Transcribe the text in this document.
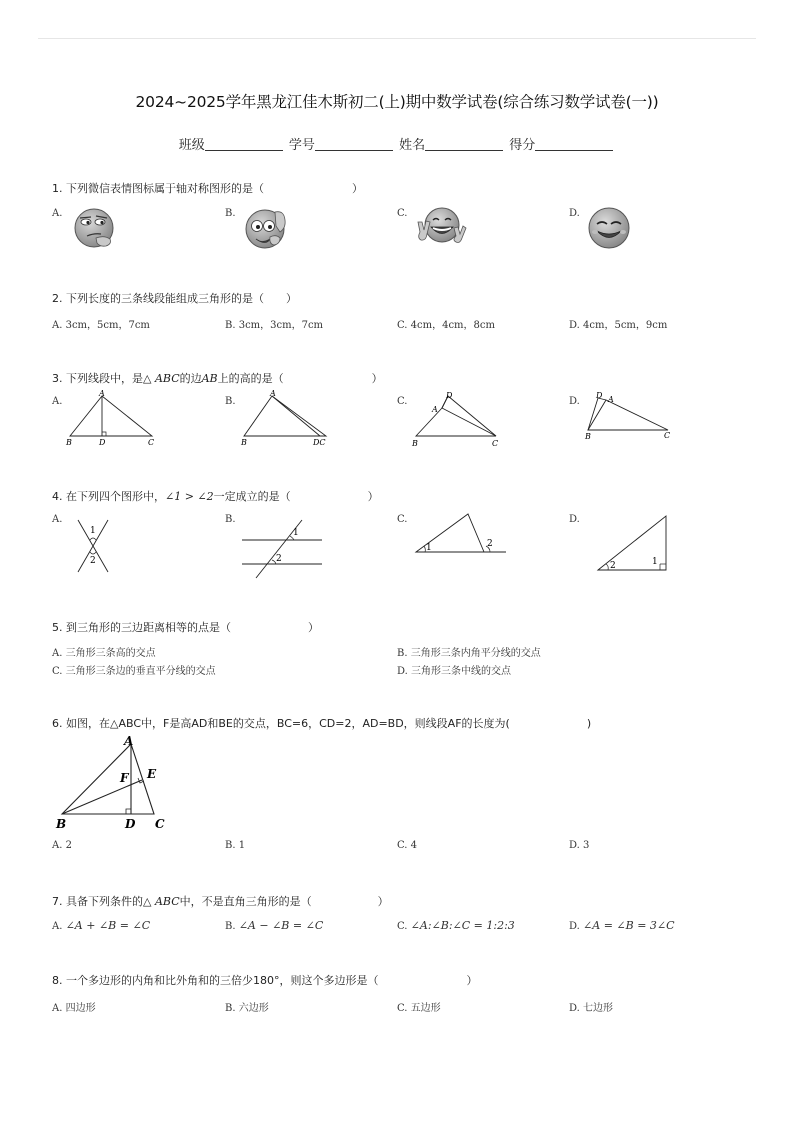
2024~2025学年黑龙江佳木斯初二(上)期中数学试卷(综合练习数学试卷(一))
班级	学号	姓名	得分
1. 下列微信表情图标属于轴对称图形的是（　　　　　　　　）
A.	B.	C.	D.
2. 下列长度的三条线段能组成三角形的是（　　）
A. 3cm，5cm，7cm	B. 3cm，3cm，7cm	C. 4cm，4cm，8cm	D. 4cm，5cm，9cm
3. 下列线段中，是△ ABC的边AB上的高的是（　　　　　　　　）
A.	B.	C.	D.
A
B	D	C
A
B	DC
D
A
B	C
D A
B	C
4. 在下列四个图形中，∠1 > ∠2一定成立的是（　　　　　　　）
A.	B.	C.	D.
1
2
1
2
1	2
2	1
5. 到三角形的三边距离相等的点是（　　　　　　　）
A. 三角形三条高的交点	B. 三角形三条内角平分线的交点
C. 三角形三条边的垂直平分线的交点	D. 三角形三条中线的交点
6. 如图，在△ABC中，F是高AD和BE的交点，BC=6，CD=2，AD=BD，则线段AF的长度为(　　　　　　　)
A
F E
B	D C
A. 2	B. 1	C. 4	D. 3
7. 具备下列条件的△ ABC中，不是直角三角形的是（　　　　　　）
A. ∠A + ∠B = ∠C	B. ∠A − ∠B = ∠C	C. ∠A:∠B:∠C = 1:2:3	D. ∠A = ∠B = 3∠C
8. 一个多边形的内角和比外角和的三倍少180°，则这个多边形是（　　　　　　　　）
A. 四边形	B. 六边形	C. 五边形	D. 七边形
